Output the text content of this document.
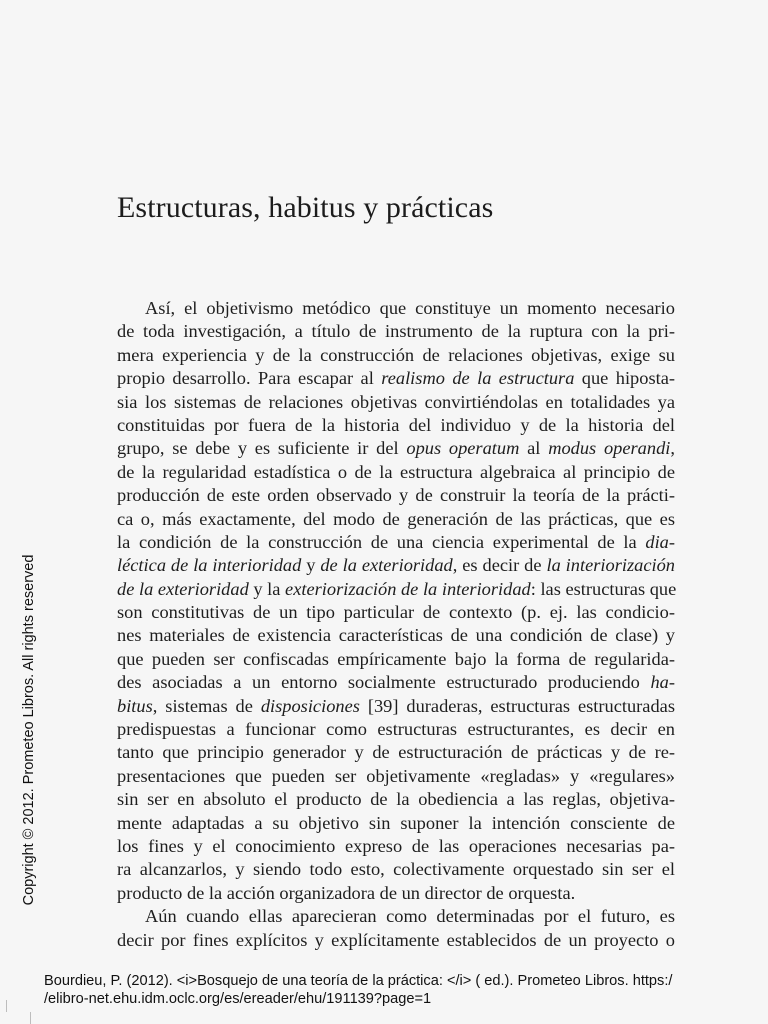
Estructuras, habitus y prácticas
Así, el objetivismo metódico que constituye un momento necesario
de toda investigación, a título de instrumento de la ruptura con la pri-
mera experiencia y de la construcción de relaciones objetivas, exige su
propio desarrollo. Para escapar al realismo de la estructura que hiposta-
sia los sistemas de relaciones objetivas convirtiéndolas en totalidades ya
constituidas por fuera de la historia del individuo y de la historia del
grupo, se debe y es suficiente ir del opus operatum al modus operandi,
de la regularidad estadística o de la estructura algebraica al principio de
producción de este orden observado y de construir la teoría de la prácti-
ca o, más exactamente, del modo de generación de las prácticas, que es
la condición de la construcción de una ciencia experimental de la dia-
léctica de la interioridad y de la exterioridad, es decir de la interiorización
de la exterioridad y la exteriorización de la interioridad: las estructuras que
son constitutivas de un tipo particular de contexto (p. ej. las condicio-
nes materiales de existencia características de una condición de clase) y
que pueden ser confiscadas empíricamente bajo la forma de regularida-
des asociadas a un entorno socialmente estructurado produciendo ha-
bitus, sistemas de disposiciones [39] duraderas, estructuras estructuradas
predispuestas a funcionar como estructuras estructurantes, es decir en
tanto que principio generador y de estructuración de prácticas y de re-
presentaciones que pueden ser objetivamente «regladas» y «regulares»
sin ser en absoluto el producto de la obediencia a las reglas, objetiva-
mente adaptadas a su objetivo sin suponer la intención consciente de
los fines y el conocimiento expreso de las operaciones necesarias pa-
ra alcanzarlos, y siendo todo esto, colectivamente orquestado sin ser el
producto de la acción organizadora de un director de orquesta.
Aún cuando ellas aparecieran como determinadas por el futuro, es
decir por fines explícitos y explícitamente establecidos de un proyecto o
Copyright © 2012. Prometeo Libros. All rights reserved
Bourdieu, P. (2012). <i>Bosquejo de una teoría de la práctica: </i> ( ed.). Prometeo Libros. https:/
/elibro-net.ehu.idm.oclc.org/es/ereader/ehu/191139?page=1
